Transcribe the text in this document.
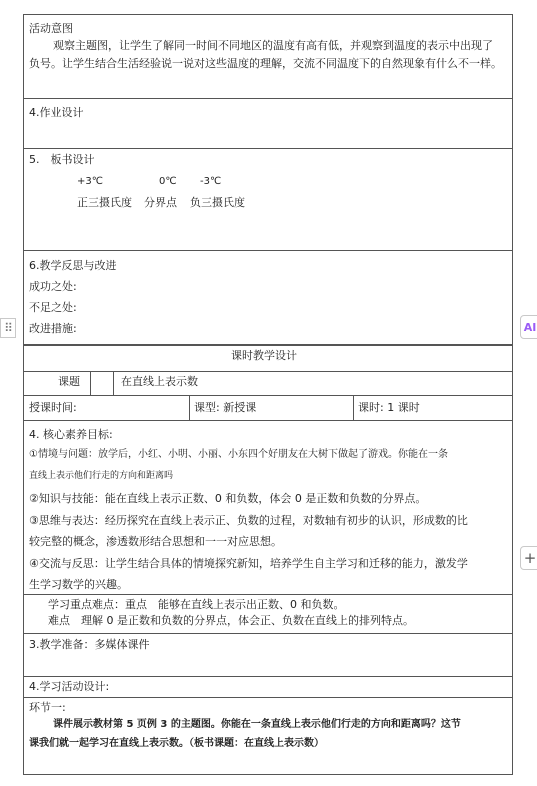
⠿	AI
+
活动意图
观察主题图，让学生了解同一时间不同地区的温度有高有低，并观察到温度的表示中出现了
负号。让学生结合生活经验说一说对这些温度的理解，交流不同温度下的自然现象有什么不一样。
4.作业设计
5.　板书设计
+3℃	0℃ -3℃
正三摄氏度 分界点 负三摄氏度
6.教学反思与改进
成功之处:
不足之处:
改进措施:
课时教学设计
课题	在直线上表示数
授课时间:	课型: 新授课	课时: 1 课时
4. 核心素养目标:
①情境与问题：放学后，小红、小明、小丽、小东四个好朋友在大树下做起了游戏。你能在一条
直线上表示他们行走的方向和距离吗
②知识与技能：能在直线上表示正数、0 和负数，体会 0 是正数和负数的分界点。
③思维与表达：经历探究在直线上表示正、负数的过程，对数轴有初步的认识，形成数的比
较完整的概念，渗透数形结合思想和一一对应思想。
④交流与反思：让学生结合具体的情境探究新知，培养学生自主学习和迁移的能力，激发学
生学习数学的兴趣。
学习重点难点：重点　能够在直线上表示出正数、0 和负数。
难点　理解 0 是正数和负数的分界点，体会正、负数在直线上的排列特点。
3.教学准备：多媒体课件
4.学习活动设计:
环节一:
课件展示教材第 5 页例 3 的主题图。你能在一条直线上表示他们行走的方向和距离吗？这节
课我们就一起学习在直线上表示数。（板书课题：在直线上表示数）
